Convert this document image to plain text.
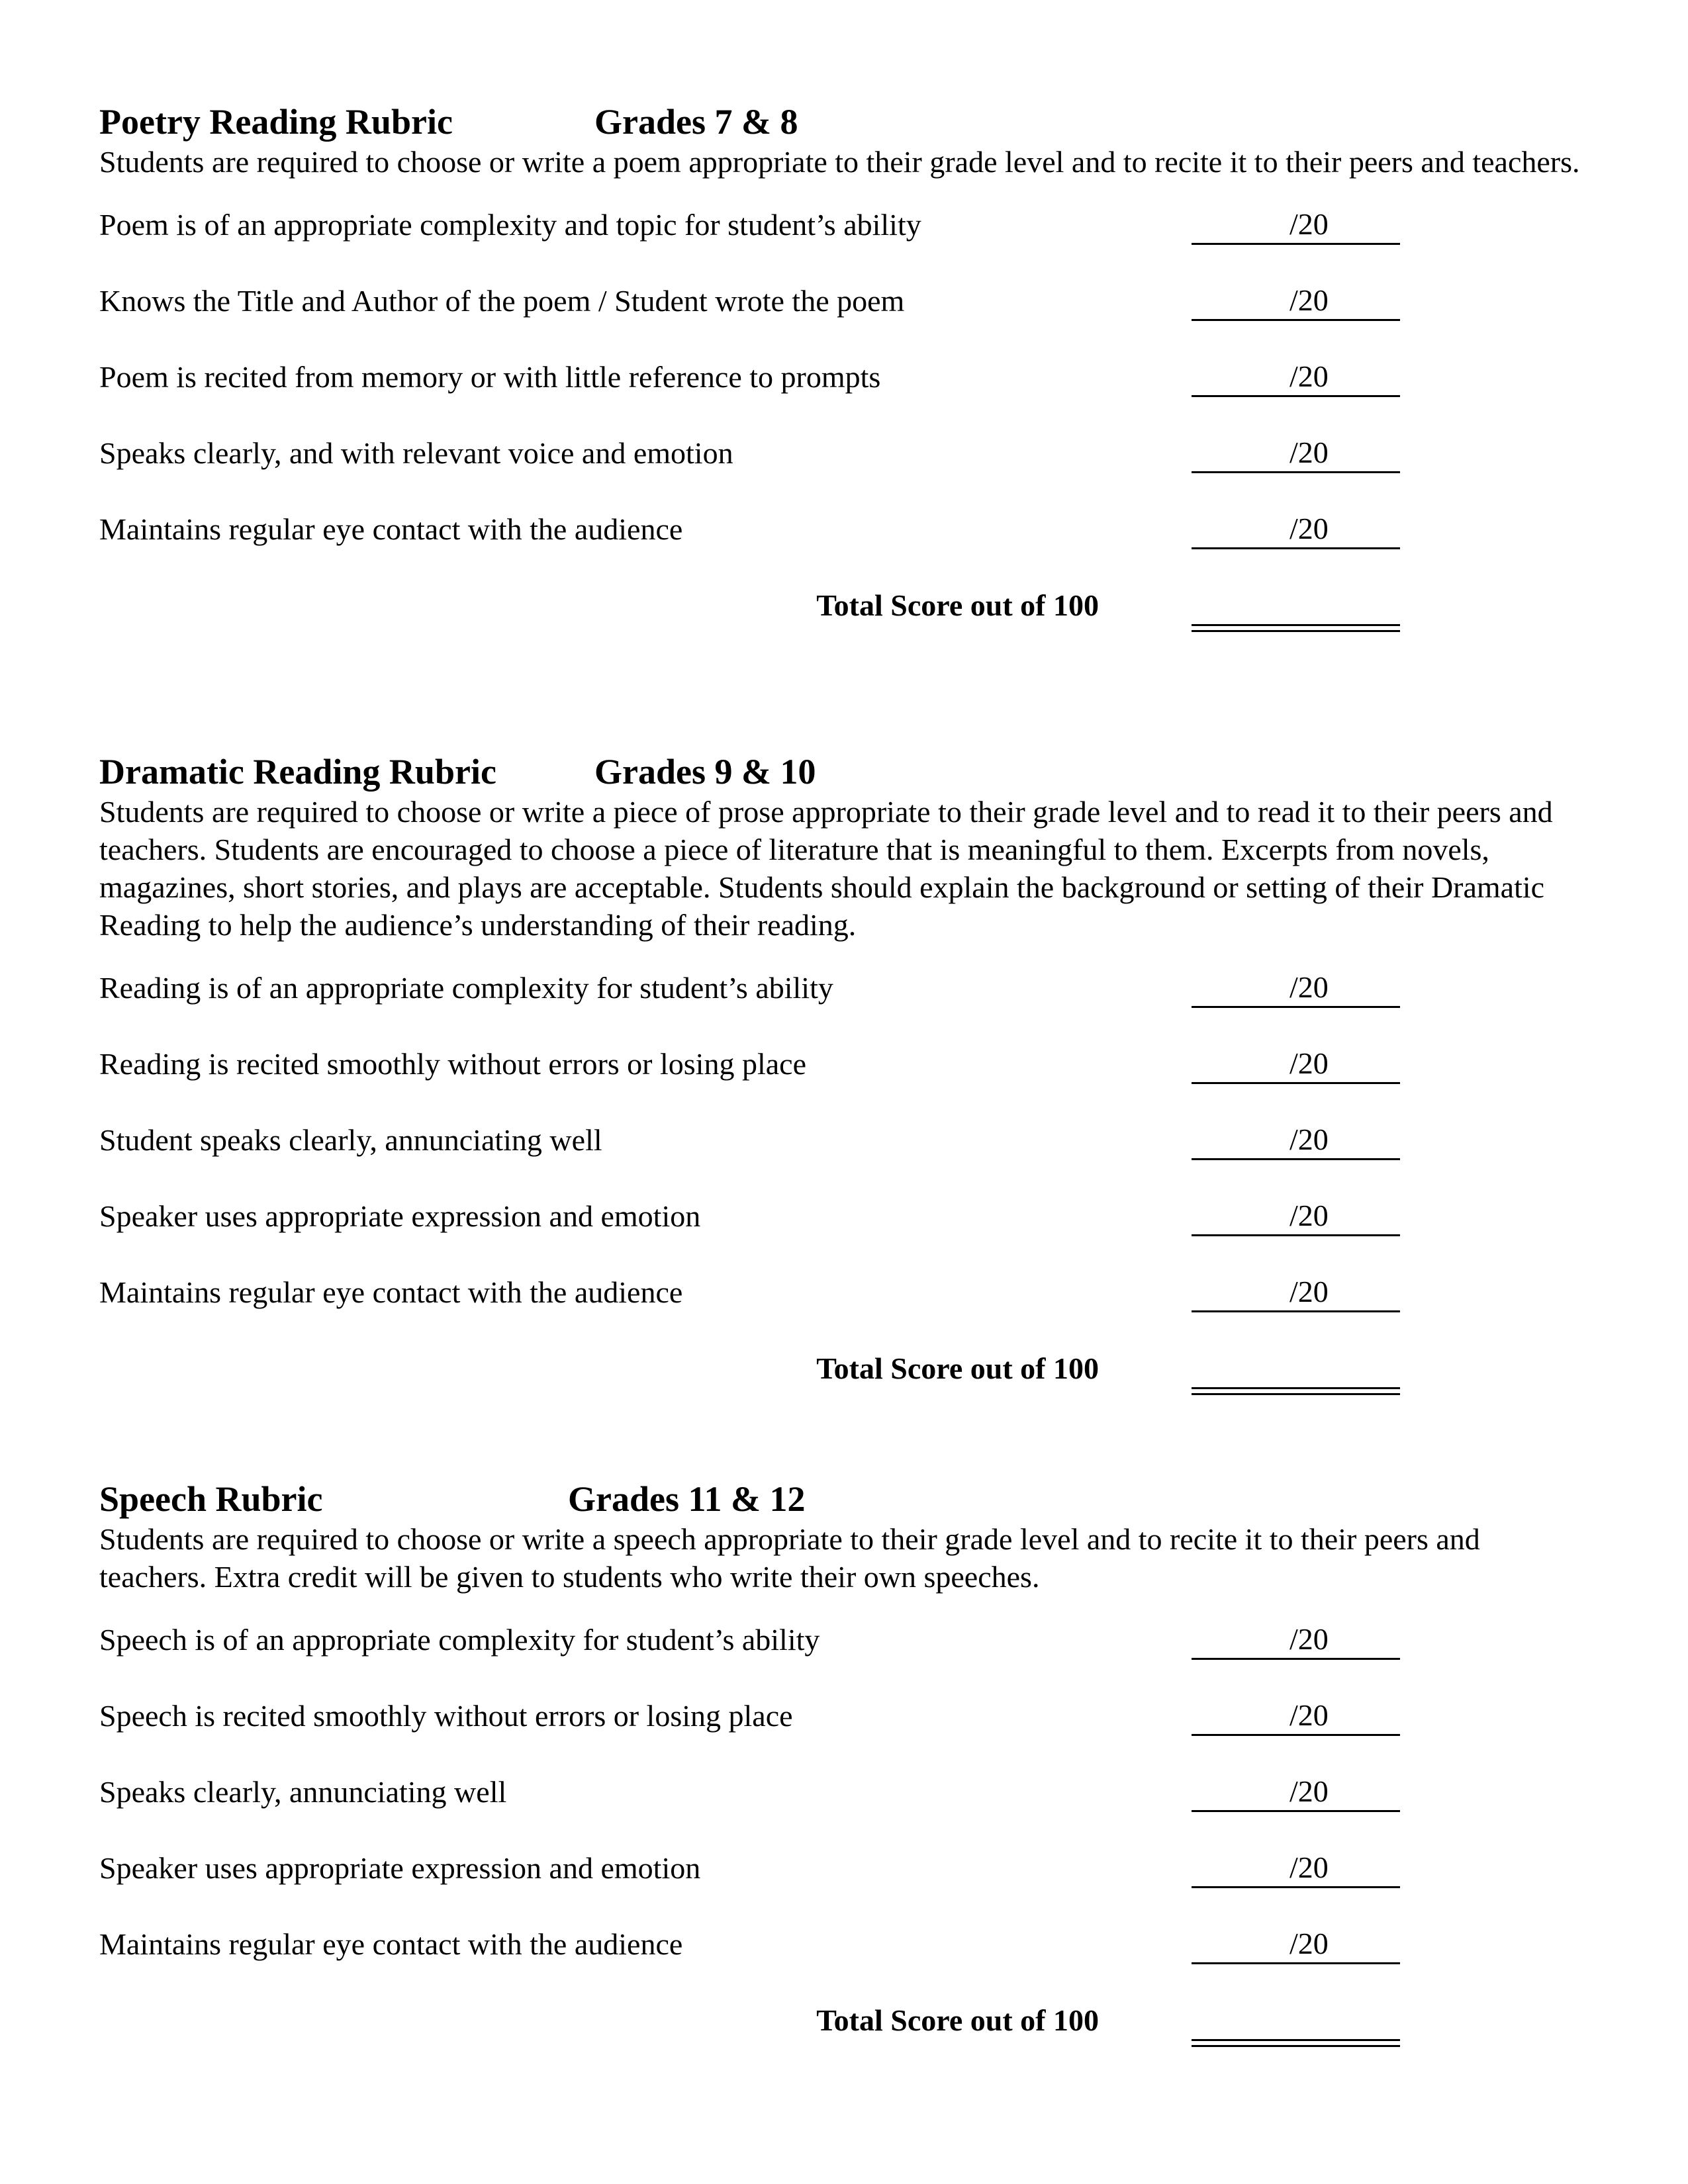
Poetry Reading Rubric	Grades 7 & 8

Students are required to choose or write a poem appropriate to their grade level and to recite it to their peers and teachers.

Poem is of an appropriate complexity and topic for student’s ability	/20
Knows the Title and Author of the poem / Student wrote the poem	/20
Poem is recited from memory or with little reference to prompts	/20
Speaks clearly, and with relevant voice and emotion	/20
Maintains regular eye contact with the audience	/20
Total Score out of 100
Dramatic Reading Rubric	Grades 9 & 10

Students are required to choose or write a piece of prose appropriate to their grade level and to read it to their peers and teachers. Students are encouraged to choose a piece of literature that is meaningful to them. Excerpts from novels, magazines, short stories, and plays are acceptable. Students should explain the background or setting of their Dramatic Reading to help the audience’s understanding of their reading.

Reading is of an appropriate complexity for student’s ability	/20
Reading is recited smoothly without errors or losing place	/20
Student speaks clearly, annunciating well	/20
Speaker uses appropriate expression and emotion	/20
Maintains regular eye contact with the audience	/20
Total Score out of 100
Speech Rubric	Grades 11 & 12

Students are required to choose or write a speech appropriate to their grade level and to recite it to their peers and teachers. Extra credit will be given to students who write their own speeches.

Speech is of an appropriate complexity for student’s ability	/20
Speech is recited smoothly without errors or losing place	/20
Speaks clearly, annunciating well	/20
Speaker uses appropriate expression and emotion	/20
Maintains regular eye contact with the audience	/20
Total Score out of 100
